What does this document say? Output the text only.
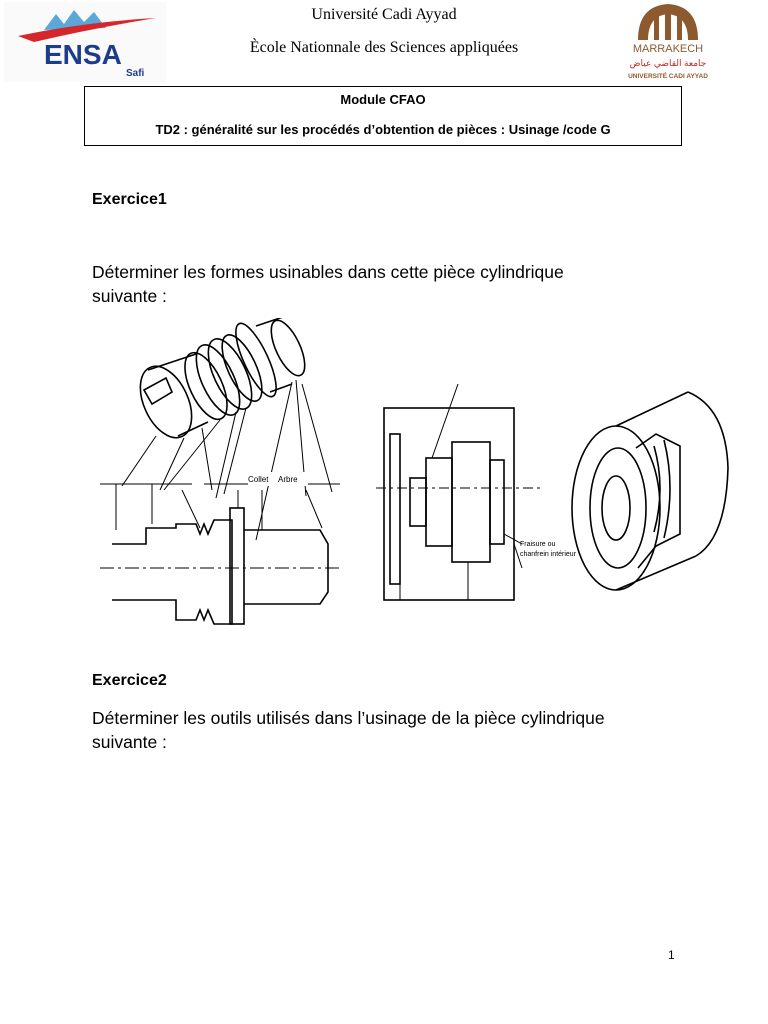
ENSA
Safi
MARRAKECH
جامعة القاضي عياض
UNIVERSITÉ CADI AYYAD
Université Cadi Ayyad
Ècole Nationnale des Sciences appliquées
Module CFAO
TD2 : généralité sur les procédés d’obtention de pièces : Usinage /code G
Exercice1
Déterminer les formes usinables dans cette pièce cylindrique
suivante :
Collet Arbre
Fraisure ou
chanfrein intérieur
Exercice2
Déterminer les outils utilisés dans l’usinage de la pièce cylindrique
suivante :
1
